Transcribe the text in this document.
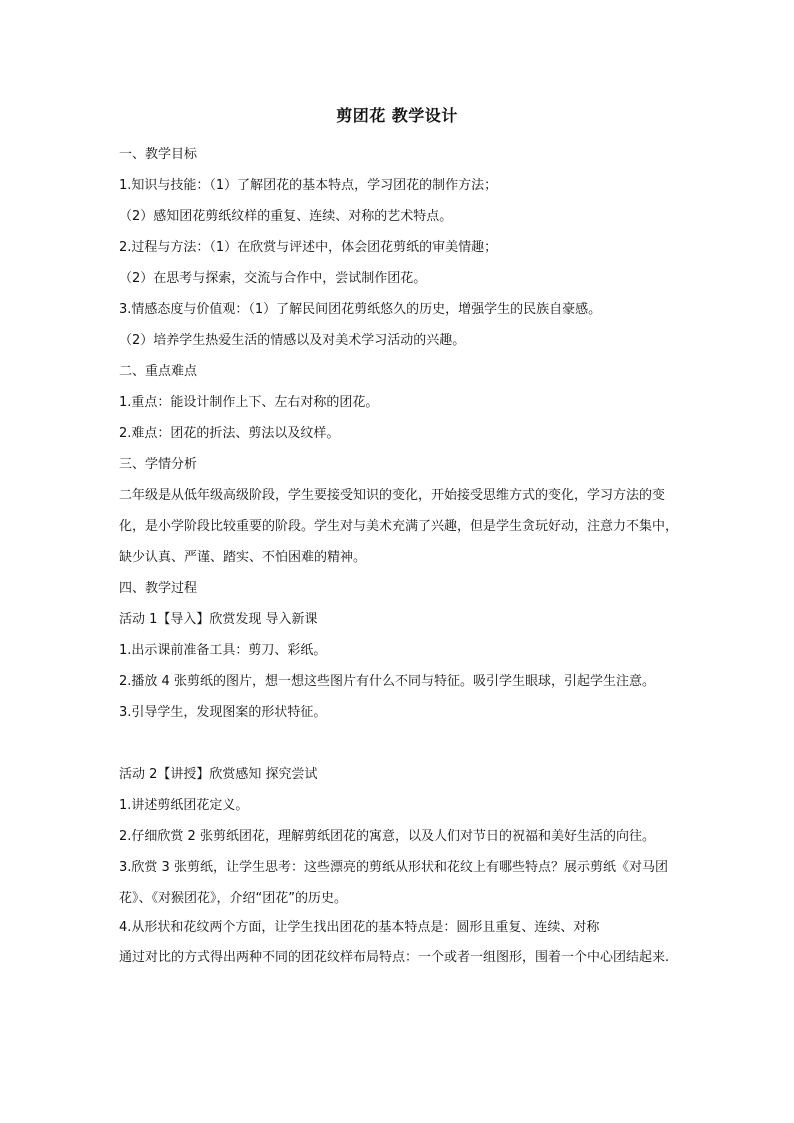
剪团花 教学设计
一、教学目标
1.知识与技能：（1）了解团花的基本特点，学习团花的制作方法；
（2）感知团花剪纸纹样的重复、连续、对称的艺术特点。
2.过程与方法：（1）在欣赏与评述中，体会团花剪纸的审美情趣；
（2）在思考与探索，交流与合作中，尝试制作团花。
3.情感态度与价值观：（1）了解民间团花剪纸悠久的历史，增强学生的民族自豪感。
（2）培养学生热爱生活的情感以及对美术学习活动的兴趣。
二、重点难点
1.重点：能设计制作上下、左右对称的团花。
2.难点：团花的折法、剪法以及纹样。
三、学情分析
二年级是从低年级高级阶段，学生要接受知识的变化，开始接受思维方式的变化，学习方法的变化，是小学阶段比较重要的阶段。学生对与美术充满了兴趣，但是学生贪玩好动，注意力不集中，缺少认真、严谨、踏实、不怕困难的精神。
四、教学过程
活动 1【导入】欣赏发现 导入新课
1.出示课前准备工具：剪刀、彩纸。
2.播放 4 张剪纸的图片，想一想这些图片有什么不同与特征。吸引学生眼球，引起学生注意。
3.引导学生，发现图案的形状特征。
活动 2【讲授】欣赏感知 探究尝试
1.讲述剪纸团花定义。
2.仔细欣赏 2 张剪纸团花，理解剪纸团花的寓意，以及人们对节日的祝福和美好生活的向往。
3.欣赏 3 张剪纸，让学生思考：这些漂亮的剪纸从形状和花纹上有哪些特点？展示剪纸《对马团花》、《对猴团花》，介绍“团花”的历史。
4.从形状和花纹两个方面，让学生找出团花的基本特点是：圆形且重复、连续、对称
通过对比的方式得出两种不同的团花纹样布局特点：一个或者一组图形，围着一个中心团结起来.
